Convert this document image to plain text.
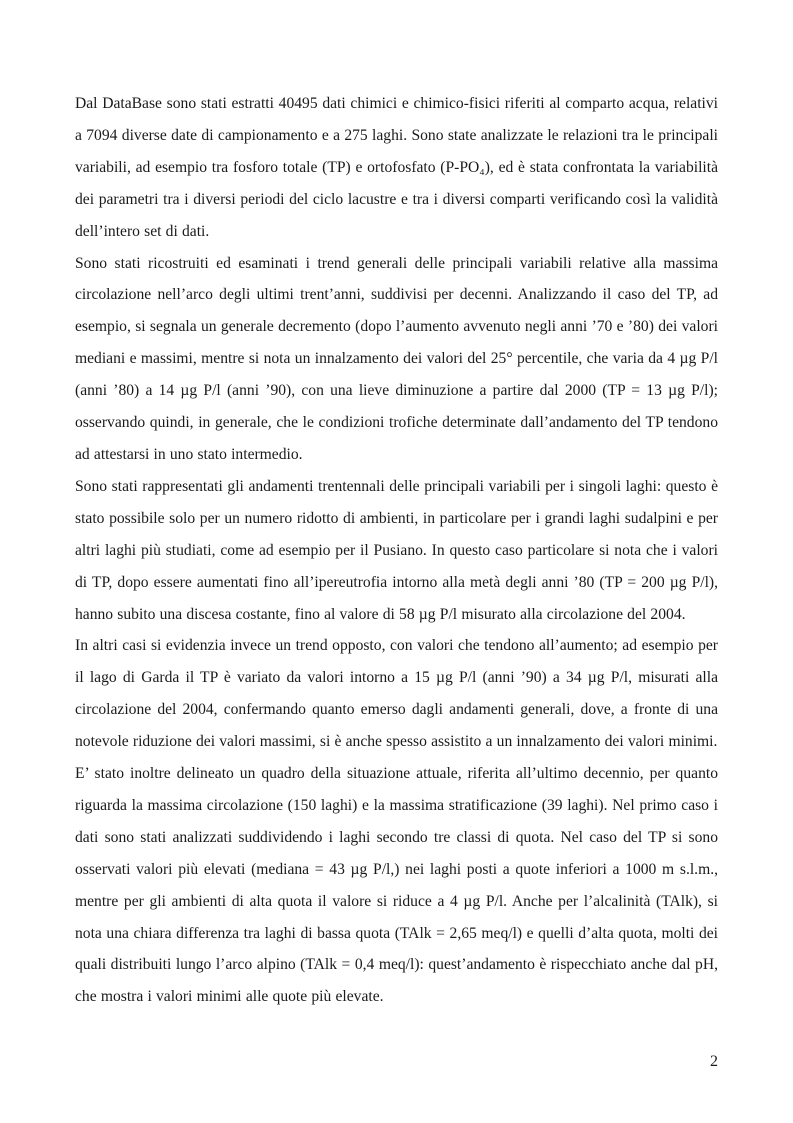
Dal DataBase sono stati estratti 40495 dati chimici e chimico-fisici riferiti al comparto acqua, relativi a 7094 diverse date di campionamento e a 275 laghi. Sono state analizzate le relazioni tra le principali variabili, ad esempio tra fosforo totale (TP) e ortofosfato (P-PO₄), ed è stata confrontata la variabilità dei parametri tra i diversi periodi del ciclo lacustre e tra i diversi comparti verificando così la validità dell’intero set di dati.

Sono stati ricostruiti ed esaminati i trend generali delle principali variabili relative alla massima circolazione nell’arco degli ultimi trent’anni, suddivisi per decenni. Analizzando il caso del TP, ad esempio, si segnala un generale decremento (dopo l’aumento avvenuto negli anni ’70 e ’80) dei valori mediani e massimi, mentre si nota un innalzamento dei valori del 25° percentile, che varia da 4 µg P/l (anni ’80) a 14 µg P/l (anni ’90), con una lieve diminuzione a partire dal 2000 (TP = 13 µg P/l); osservando quindi, in generale, che le condizioni trofiche determinate dall’andamento del TP tendono ad attestarsi in uno stato intermedio.

Sono stati rappresentati gli andamenti trentennali delle principali variabili per i singoli laghi: questo è stato possibile solo per un numero ridotto di ambienti, in particolare per i grandi laghi sudalpini e per altri laghi più studiati, come ad esempio per il Pusiano. In questo caso particolare si nota che i valori di TP, dopo essere aumentati fino all’ipereutrofia intorno alla metà degli anni ’80 (TP = 200 µg P/l), hanno subito una discesa costante, fino al valore di 58 µg P/l misurato alla circolazione del 2004.

In altri casi si evidenzia invece un trend opposto, con valori che tendono all’aumento; ad esempio per il lago di Garda il TP è variato da valori intorno a 15 µg P/l (anni ’90) a 34 µg P/l, misurati alla circolazione del 2004, confermando quanto emerso dagli andamenti generali, dove, a fronte di una notevole riduzione dei valori massimi, si è anche spesso assistito a un innalzamento dei valori minimi.

E’ stato inoltre delineato un quadro della situazione attuale, riferita all’ultimo decennio, per quanto riguarda la massima circolazione (150 laghi) e la massima stratificazione (39 laghi). Nel primo caso i dati sono stati analizzati suddividendo i laghi secondo tre classi di quota. Nel caso del TP si sono osservati valori più elevati (mediana = 43 µg P/l,) nei laghi posti a quote inferiori a 1000 m s.l.m., mentre per gli ambienti di alta quota il valore si riduce a 4 µg P/l. Anche per l’alcalinità (TAlk), si nota una chiara differenza tra laghi di bassa quota (TAlk = 2,65 meq/l) e quelli d’alta quota, molti dei quali distribuiti lungo l’arco alpino (TAlk = 0,4 meq/l): quest’andamento è rispecchiato anche dal pH, che mostra i valori minimi alle quote più elevate.

2
